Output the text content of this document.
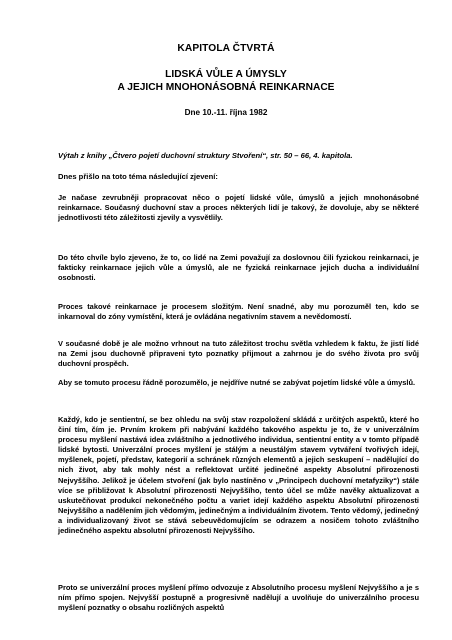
KAPITOLA ČTVRTÁ
LIDSKÁ VŮLE A ÚMYSLY
A JEJICH MNOHONÁSOBNÁ REINKARNACE
Dne 10.-11. října 1982
Výtah z knihy „Čtvero pojetí duchovní struktury Stvoření“, str. 50 – 66, 4. kapitola.
Dnes přišlo na toto téma následující zjevení:

Je načase zevrubněji propracovat něco o pojetí lidské vůle, úmyslů a jejich mnohonásobné reinkarnace. Současný duchovní stav a proces některých lidí je takový, že dovoluje, aby se některé jednotlivosti této záležitosti zjevily a vysvětlily.

Do této chvíle bylo zjeveno, že to, co lidé na Zemi považují za doslovnou čili fyzickou reinkarnaci, je fakticky reinkarnace jejich vůle a úmyslů, ale ne fyzická reinkarnace jejich ducha a individuální osobnosti.

Proces takové reinkarnace je procesem složitým. Není snadné, aby mu porozuměl ten, kdo se inkarnoval do zóny vymístění, která je ovládána negativním stavem a nevědomostí.

V současné době je ale možno vrhnout na tuto záležitost trochu světla vzhledem k faktu, že jistí lidé na Zemi jsou duchovně připraveni tyto poznatky přijmout a zahrnou je do svého života pro svůj duchovní prospěch.

Aby se tomuto procesu řádně porozumělo, je nejdříve nutné se zabývat pojetím lidské vůle a úmyslů.

Každý, kdo je sentientní, se bez ohledu na svůj stav rozpoložení skládá z určitých aspektů, které ho činí tím, čím je. Prvním krokem při nabývání každého takového aspektu je to, že v univerzálním procesu myšlení nastává idea zvláštního a jednotlivého individua, sentientní entity a v tomto případě lidské bytosti. Univerzální proces myšlení je stálým a neustálým stavem vytváření tvořivých idejí, myšlenek, pojetí, představ, kategorií a schránek různých elementů a jejich seskupení – nadělující do nich život, aby tak mohly nést a reflektovat určité jedinečné aspekty Absolutní přirozenosti Nejvyššího. Jelikož je účelem stvoření (jak bylo nastíněno v „Principech duchovní metafyziky“) stále více se přibližovat k Absolutní přirozenosti Nejvyššího, tento účel se může navěky aktualizovat a uskutečňovat produkcí nekonečného počtu a variet idejí každého aspektu Absolutní přirozenosti Nejvyššího a nadělením jich vědomým, jedinečným a individuálním životem. Tento vědomý, jedinečný a individualizovaný život se stává sebeuvědomujícím se odrazem a nosičem tohoto zvláštního jedinečného aspektu absolutní přirozenosti Nejvyššího.

Proto se univerzální proces myšlení přímo odvozuje z Absolutního procesu myšlení Nejvyššího a je s ním přímo spojen. Nejvyšší postupně a progresivně nadělují a uvolňuje do univerzálního procesu myšlení poznatky o obsahu rozličných aspektů
